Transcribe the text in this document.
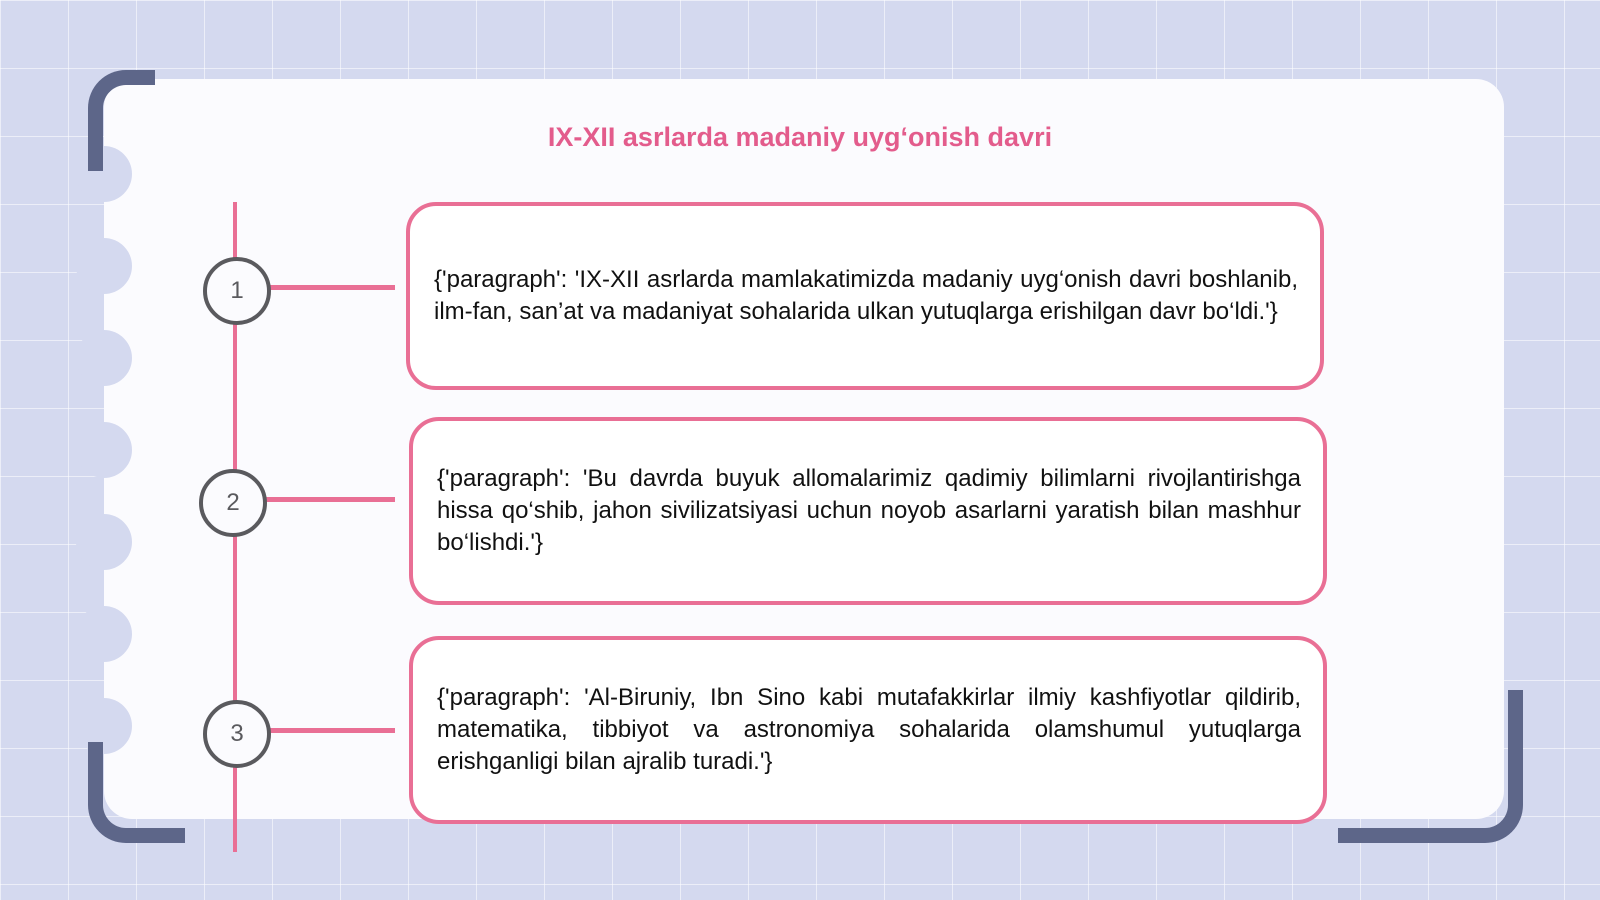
IX-XII asrlarda madaniy uyg‘onish davri
1	{'paragraph': 'IX-XII asrlarda mamlakatimizda madaniy uyg‘onish davri boshlanib, ilm-fan, san’at va madaniyat sohalarida ulkan yutuqlarga erishilgan davr bo‘ldi.'}

2

{'paragraph': 'Bu davrda buyuk allomalarimiz qadimiy bilimlarni rivojlantirishga hissa qo‘shib, jahon sivilizatsiyasi uchun noyob asarlarni yaratish bilan mashhur bo‘lishdi.'}

3

{'paragraph': 'Al-Biruniy, Ibn Sino kabi mutafakkirlar ilmiy kashfiyotlar qildirib, matematika, tibbiyot va astronomiya sohalarida olamshumul yutuqlarga erishganligi bilan ajralib turadi.'}
